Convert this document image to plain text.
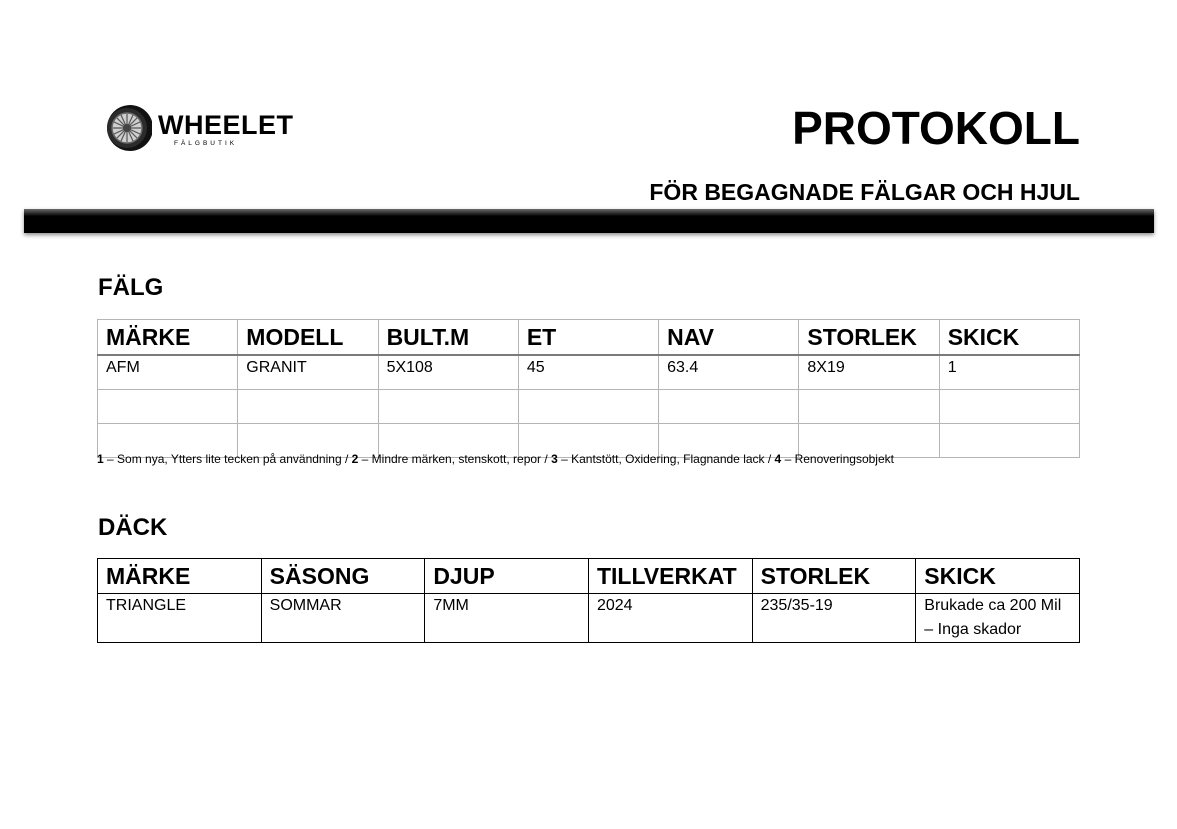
WHEELET
FÄLGBUTIK	PROTOKOLL
FÖR BEGAGNADE FÄLGAR OCH HJUL
FÄLG
MÄRKE	MODELL	BULT.M	ET	NAV	STORLEK	SKICK
AFM	GRANIT	5X108	45	63.4	8X19	1

1 – Som nya, Ytters lite tecken på användning / 2 – Mindre märken, stenskott, repor / 3 – Kantstött, Oxidering, Flagnande lack / 4 – Renoveringsobjekt
DÄCK
MÄRKE	SÄSONG	DJUP	TILLVERKAT	STORLEK	SKICK
TRIANGLE	SOMMAR	7MM	2024	235/35-19	Brukade ca 200 Mil – Inga skador
